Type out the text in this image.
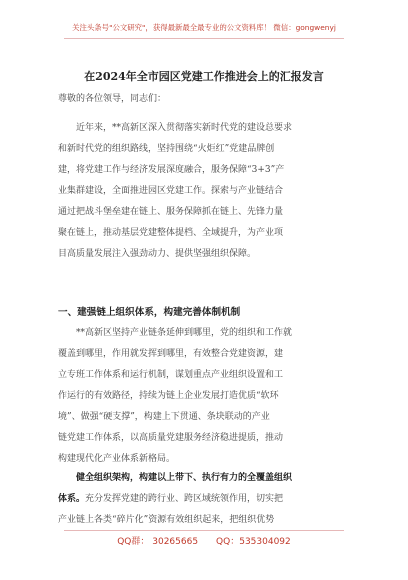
关注头条号"公文研究"，获得最新最全最专业的公文资料库！ 微信：gongwenyj
在2024年全市园区党建工作推进会上的汇报发言
尊敬的各位领导，同志们：
近年来，**高新区深入贯彻落实新时代党的建设总要求
和新时代党的组织路线，坚持围绕“火炬红”党建品牌创
建，将党建工作与经济发展深度融合，服务保障“3+3”产
业集群建设，全面推进园区党建工作。探索与产业链结合
通过把战斗堡垒建在链上、服务保障抓在链上、先锋力量
聚在链上，推动基层党建整体提档、全域提升，为产业项
目高质量发展注入强劲动力、提供坚强组织保障。
一、建强链上组织体系，构建完善体制机制
**高新区坚持产业链条延伸到哪里，党的组织和工作就
覆盖到哪里，作用就发挥到哪里，有效整合党建资源，建
立专班工作体系和运行机制，谋划重点产业组织设置和工
作运行的有效路径，持续为链上企业发展打造优质“软环
境”、做强“硬支撑”，构建上下贯通、条块联动的产业
链党建工作体系，以高质量党建服务经济稳进提质，推动
构建现代化产业体系新格局。
健全组织架构，构建以上带下、执行有力的全覆盖组织
体系。充分发挥党建的跨行业、跨区域统领作用，切实把
产业链上各类“碎片化”资源有效组织起来，把组织优势
QQ群： 30265665　　QQ：535304092
